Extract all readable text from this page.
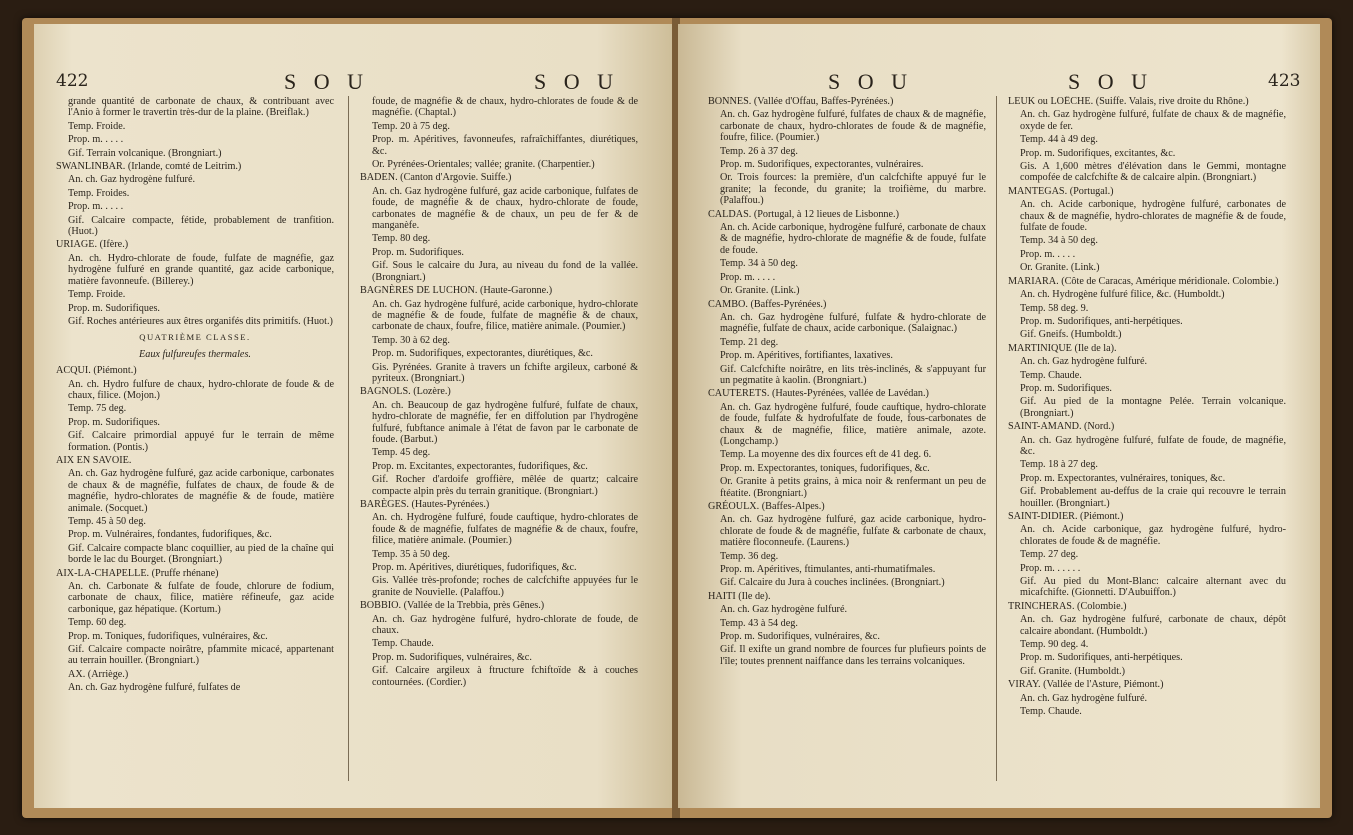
422	S O U	S O U

grande quantité de carbonate de chaux, & contribuant avec l'Anio à former le travertin très-dur de la plaine. (Breiflak.)

Temp. Froide.

Prop. m. . . . .

Gif. Terrain volcanique. (Brongniart.)

SWANLINBAR. (Irlande, comté de Leitrim.)

An. ch. Gaz hydrogène fulfuré.

Temp. Froides.

Prop. m. . . . .

Gif. Calcaire compacte, fétide, probablement de tranfition. (Huot.)

URIAGE. (Ifère.)

An. ch. Hydro-chlorate de foude, fulfate de magnéfie, gaz hydrogène fulfuré en grande quantité, gaz acide carbonique, matière favonneufe. (Billerey.)

Temp. Froide.

Prop. m. Sudorifiques.

Gif. Roches antérieures aux êtres organifés dits primitifs. (Huot.)

QUATRIÈME CLASSE.

Eaux fulfureufes thermales.

ACQUI. (Piémont.)

An. ch. Hydro fulfure de chaux, hydro-chlorate de foude & de chaux, filice. (Mojon.)

Temp. 75 deg.

Prop. m. Sudorifiques.

Gif. Calcaire primordial appuyé fur le terrain de même formation. (Pontis.)

AIX EN SAVOIE.

An. ch. Gaz hydrogène fulfuré, gaz acide carbonique, carbonates de chaux & de magnéfie, fulfates de chaux, de foude & de magnéfie, hydro-chlorates de magnéfie & de foude, matière animale. (Socquet.)

Temp. 45 à 50 deg.

Prop. m. Vulnéraires, fondantes, fudorifiques, &c.

Gif. Calcaire compacte blanc coquillier, au pied de la chaîne qui borde le lac du Bourget. (Brongniart.)

AIX-LA-CHAPELLE. (Pruffe rhénane)

An. ch. Carbonate & fulfate de foude, chlorure de fodium, carbonate de chaux, filice, matière réfineufe, gaz acide carbonique, gaz hépatique. (Kortum.)

Temp. 60 deg.

Prop. m. Toniques, fudorifiques, vulnéraires, &c.

Gif. Calcaire compacte noirâtre, pfammite micacé, appartenant au terrain houiller. (Brongniart.)

AX. (Arriège.)

An. ch. Gaz hydrogène fulfuré, fulfates de

foude, de magnéfie & de chaux, hydro-chlorates de foude & de magnéfie. (Chaptal.)

Temp. 20 à 75 deg.

Prop. m. Apéritives, favonneufes, rafraîchiffantes, diurétiques, &c.

Or. Pyrénées-Orientales; vallée; granite. (Charpentier.)

BADEN. (Canton d'Argovie. Suiffe.)

An. ch. Gaz hydrogène fulfuré, gaz acide carbonique, fulfates de foude, de magnéfie & de chaux, hydro-chlorate de foude, carbonates de magnéfie & de chaux, un peu de fer & de manganèfe.

Temp. 80 deg.

Prop. m. Sudorifiques.

Gif. Sous le calcaire du Jura, au niveau du fond de la vallée. (Brongniart.)

BAGNÈRES DE LUCHON. (Haute-Garonne.)

An. ch. Gaz hydrogène fulfuré, acide carbonique, hydro-chlorate de magnéfie & de foude, fulfate de magnéfie & de chaux, carbonate de chaux, foufre, filice, matière animale. (Poumier.)

Temp. 30 à 62 deg.

Prop. m. Sudorifiques, expectorantes, diurétiques, &c.

Gis. Pyrénées. Granite à travers un fchifte argileux, carboné & pyriteux. (Brongniart.)

BAGNOLS. (Lozère.)

An. ch. Beaucoup de gaz hydrogène fulfuré, fulfate de chaux, hydro-chlorate de magnéfie, fer en diffolution par l'hydrogène fulfuré, fubftance animale à l'état de favon par le carbonate de foude. (Barbut.)

Temp. 45 deg.

Prop. m. Excitantes, expectorantes, fudorifiques, &c.

Gif. Rocher d'ardoife groffière, mêlée de quartz; calcaire compacte alpin près du terrain granitique. (Brongniart.)

BARÈGES. (Hautes-Pyrénées.)

An. ch. Hydrogène fulfuré, foude cauftique, hydro-chlorates de foude & de magnéfie, fulfates de magnéfie & de chaux, foufre, filice, matière animale. (Poumier.)

Temp. 35 à 50 deg.

Prop. m. Apéritives, diurétiques, fudorifiques, &c.

Gis. Vallée très-profonde; roches de calcfchifte appuyées fur le granite de Nouvielle. (Palaffou.)

BOBBIO. (Vallée de la Trebbia, près Gênes.)

An. ch. Gaz hydrogène fulfuré, hydro-chlorate de foude, de chaux.

Temp. Chaude.

Prop. m. Sudorifiques, vulnéraires, &c.

Gif. Calcaire argileux à ftructure fchiftoïde & à couches contournées. (Cordier.)

S O U	S O U	423

BONNES. (Vallée d'Offau, Baffes-Pyrénées.)

An. ch. Gaz hydrogène fulfuré, fulfates de chaux & de magnéfie, carbonate de chaux, hydro-chlorates de foude & de magnéfie, foufre, filice. (Poumier.)

Temp. 26 à 37 deg.

Prop. m. Sudorifiques, expectorantes, vulnéraires.

Or. Trois fources: la première, d'un calcfchifte appuyé fur le granite; la feconde, du granite; la troifième, du marbre. (Palaffou.)

CALDAS. (Portugal, à 12 lieues de Lisbonne.)

An. ch. Acide carbonique, hydrogène fulfuré, carbonate de chaux & de magnéfie, hydro-chlorate de magnéfie & de foude, fulfate de foude.

Temp. 34 à 50 deg.

Prop. m. . . . .

Or. Granite. (Link.)

CAMBO. (Baffes-Pyrénées.)

An. ch. Gaz hydrogène fulfuré, fulfate & hydro-chlorate de magnéfie, fulfate de chaux, acide carbonique. (Salaignac.)

Temp. 21 deg.

Prop. m. Apéritives, fortifiantes, laxatives.

Gif. Calcfchifte noirâtre, en lits très-inclinés, & s'appuyant fur un pegmatite à kaolin. (Brongniart.)

CAUTERETS. (Hautes-Pyrénées, vallée de Lavédan.)

An. ch. Gaz hydrogène fulfuré, foude cauftique, hydro-chlorate de foude, fulfate & hydrofulfate de foude, fous-carbonates de chaux & de magnéfie, filice, matière animale, azote. (Longchamp.)

Temp. La moyenne des dix fources eft de 41 deg. 6.

Prop. m. Expectorantes, toniques, fudorifiques, &c.

Or. Granite à petits grains, à mica noir & renfermant un peu de ftéatite. (Brongniart.)

GRÉOULX. (Baffes-Alpes.)

An. ch. Gaz hydrogène fulfuré, gaz acide carbonique, hydro-chlorate de foude & de magnéfie, fulfate & carbonate de chaux, matière floconneufe. (Laurens.)

Temp. 36 deg.

Prop. m. Apéritives, ftimulantes, anti-rhumatifmales.

Gif. Calcaire du Jura à couches inclinées. (Brongniart.)

HAITI (Ile de).

An. ch. Gaz hydrogène fulfuré.

Temp. 43 à 54 deg.

Prop. m. Sudorifiques, vulnéraires, &c.

Gif. Il exifte un grand nombre de fources fur plufieurs points de l'île; toutes prennent naiffance dans les terrains volcaniques.

LEUK ou LOËCHE. (Suiffe. Valais, rive droite du Rhône.)

An. ch. Gaz hydrogène fulfuré, fulfate de chaux & de magnéfie, oxyde de fer.

Temp. 44 à 49 deg.

Prop. m. Sudorifiques, excitantes, &c.

Gis. A 1,600 mètres d'élévation dans le Gemmi, montagne compofée de calcfchifte & de calcaire alpin. (Brongniart.)

MANTEGAS. (Portugal.)

An. ch. Acide carbonique, hydrogène fulfuré, carbonates de chaux & de magnéfie, hydro-chlorates de magnéfie & de foude, fulfate de foude.

Temp. 34 à 50 deg.

Prop. m. . . . .

Or. Granite. (Link.)

MARIARA. (Côte de Caracas, Amérique méridionale. Colombie.)

An. ch. Hydrogène fulfuré filice, &c. (Humboldt.)

Temp. 58 deg. 9.

Prop. m. Sudorifiques, anti-herpétiques.

Gif. Gneifs. (Humboldt.)

MARTINIQUE (Ile de la).

An. ch. Gaz hydrogène fulfuré.

Temp. Chaude.

Prop. m. Sudorifiques.

Gif. Au pied de la montagne Pelée. Terrain volcanique. (Brongniart.)

SAINT-AMAND. (Nord.)

An. ch. Gaz hydrogène fulfuré, fulfate de foude, de magnéfie, &c.

Temp. 18 à 27 deg.

Prop. m. Expectorantes, vulnéraires, toniques, &c.

Gif. Probablement au-deffus de la craie qui recouvre le terrain houiller. (Brongniart.)

SAINT-DIDIER. (Piémont.)

An. ch. Acide carbonique, gaz hydrogène fulfuré, hydro-chlorates de foude & de magnéfie.

Temp. 27 deg.

Prop. m. . . . . .

Gif. Au pied du Mont-Blanc: calcaire alternant avec du micafchifte. (Gionnetti. D'Aubuiffon.)

TRINCHERAS. (Colombie.)

An. ch. Gaz hydrogène fulfuré, carbonate de chaux, dépôt calcaire abondant. (Humboldt.)

Temp. 90 deg. 4.

Prop. m. Sudorifiques, anti-herpétiques.

Gif. Granite. (Humboldt.)

VIRAY. (Vallée de l'Asture, Piémont.)

An. ch. Gaz hydrogène fulfuré.

Temp. Chaude.
